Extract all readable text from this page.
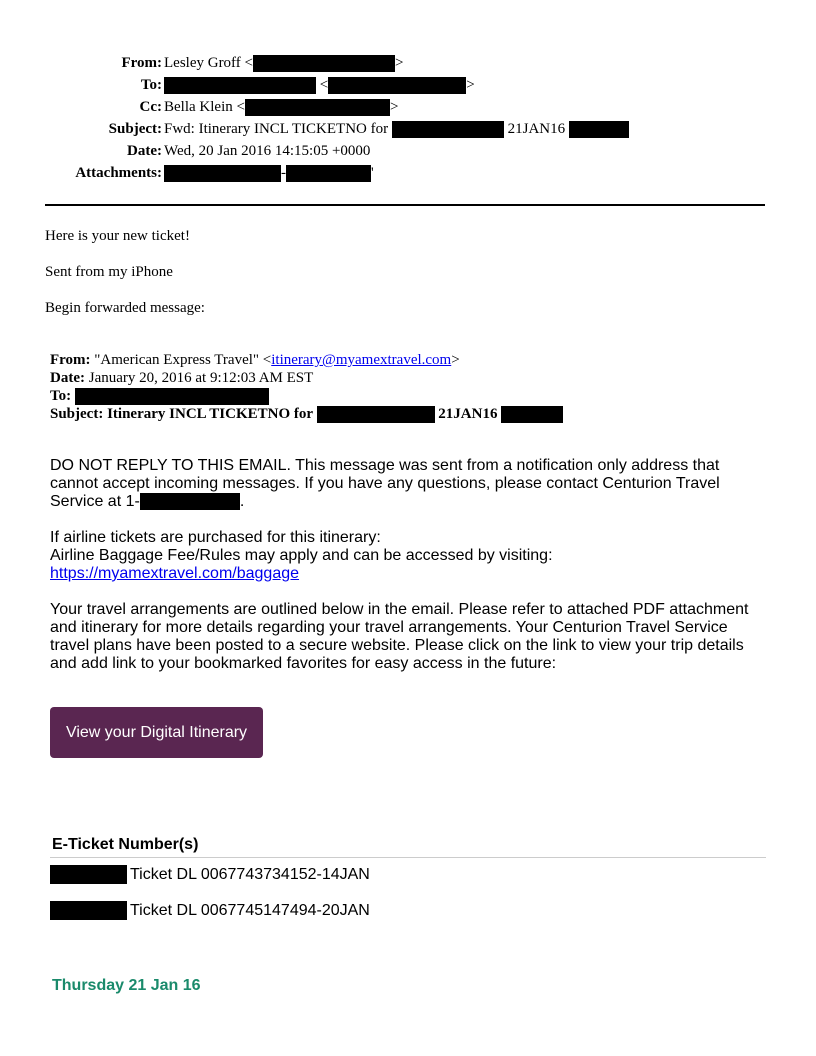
From: Lesley Groff <	>
To:	<	>
Cc: Bella Klein <	>
Subject: Fwd: Itinerary INCL TICKETNO for	21JAN16
Date: Wed, 20 Jan 2016 14:15:05 +0000
Attachments:	-	'
Here is your new ticket!
Sent from my iPhone
Begin forwarded message:
From: "American Express Travel" <itinerary@myamextravel.com>
Date: January 20, 2016 at 9:12:03 AM EST
To:
Subject: Itinerary INCL TICKETNO for	21JAN16

DO NOT REPLY TO THIS EMAIL. This message was sent from a notification only address that cannot accept incoming messages. If you have any questions, please contact Centurion Travel Service at 1-	.

If airline tickets are purchased for this itinerary:

Airline Baggage Fee/Rules may apply and can be accessed by visiting:

https://myamextravel.com/baggage

Your travel arrangements are outlined below in the email. Please refer to attached PDF attachment and itinerary for more details regarding your travel arrangements. Your Centurion Travel Service travel plans have been posted to a secure website. Please click on the link to view your trip details and add link to your bookmarked favorites for easy access in the future:
View your Digital Itinerary
E-Ticket Number(s)
Ticket DL 0067743734152-14JAN
Ticket DL 0067745147494-20JAN
Thursday 21 Jan 16
